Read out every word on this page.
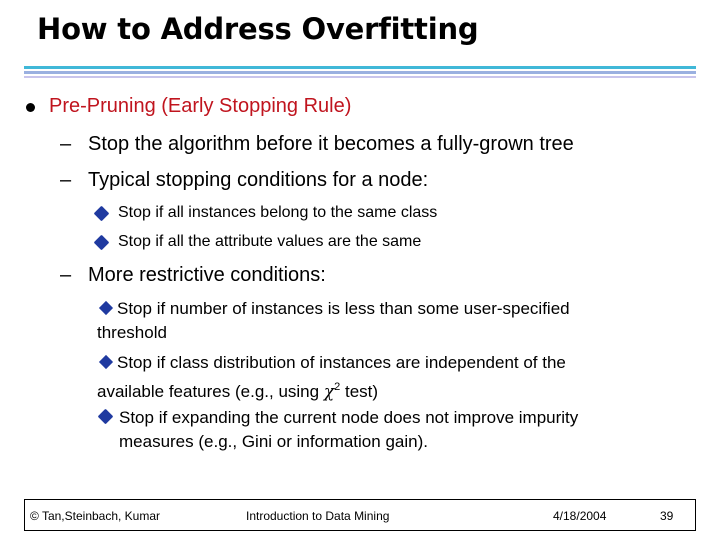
How to Address Overfitting
Pre-Pruning (Early Stopping Rule)
– Stop the algorithm before it becomes a fully-grown tree
– Typical stopping conditions for a node:
Stop if all instances belong to the same class
Stop if all the attribute values are the same
– More restrictive conditions:
Stop if number of instances is less than some user-specified
threshold
Stop if class distribution of instances are independent of the
available features (e.g., using $\chi^2$ test)
Stop if expanding the current node does not improve impurity
measures (e.g., Gini or information gain).
© Tan,Steinbach, Kumar	Introduction to Data Mining	4/18/2004	39
